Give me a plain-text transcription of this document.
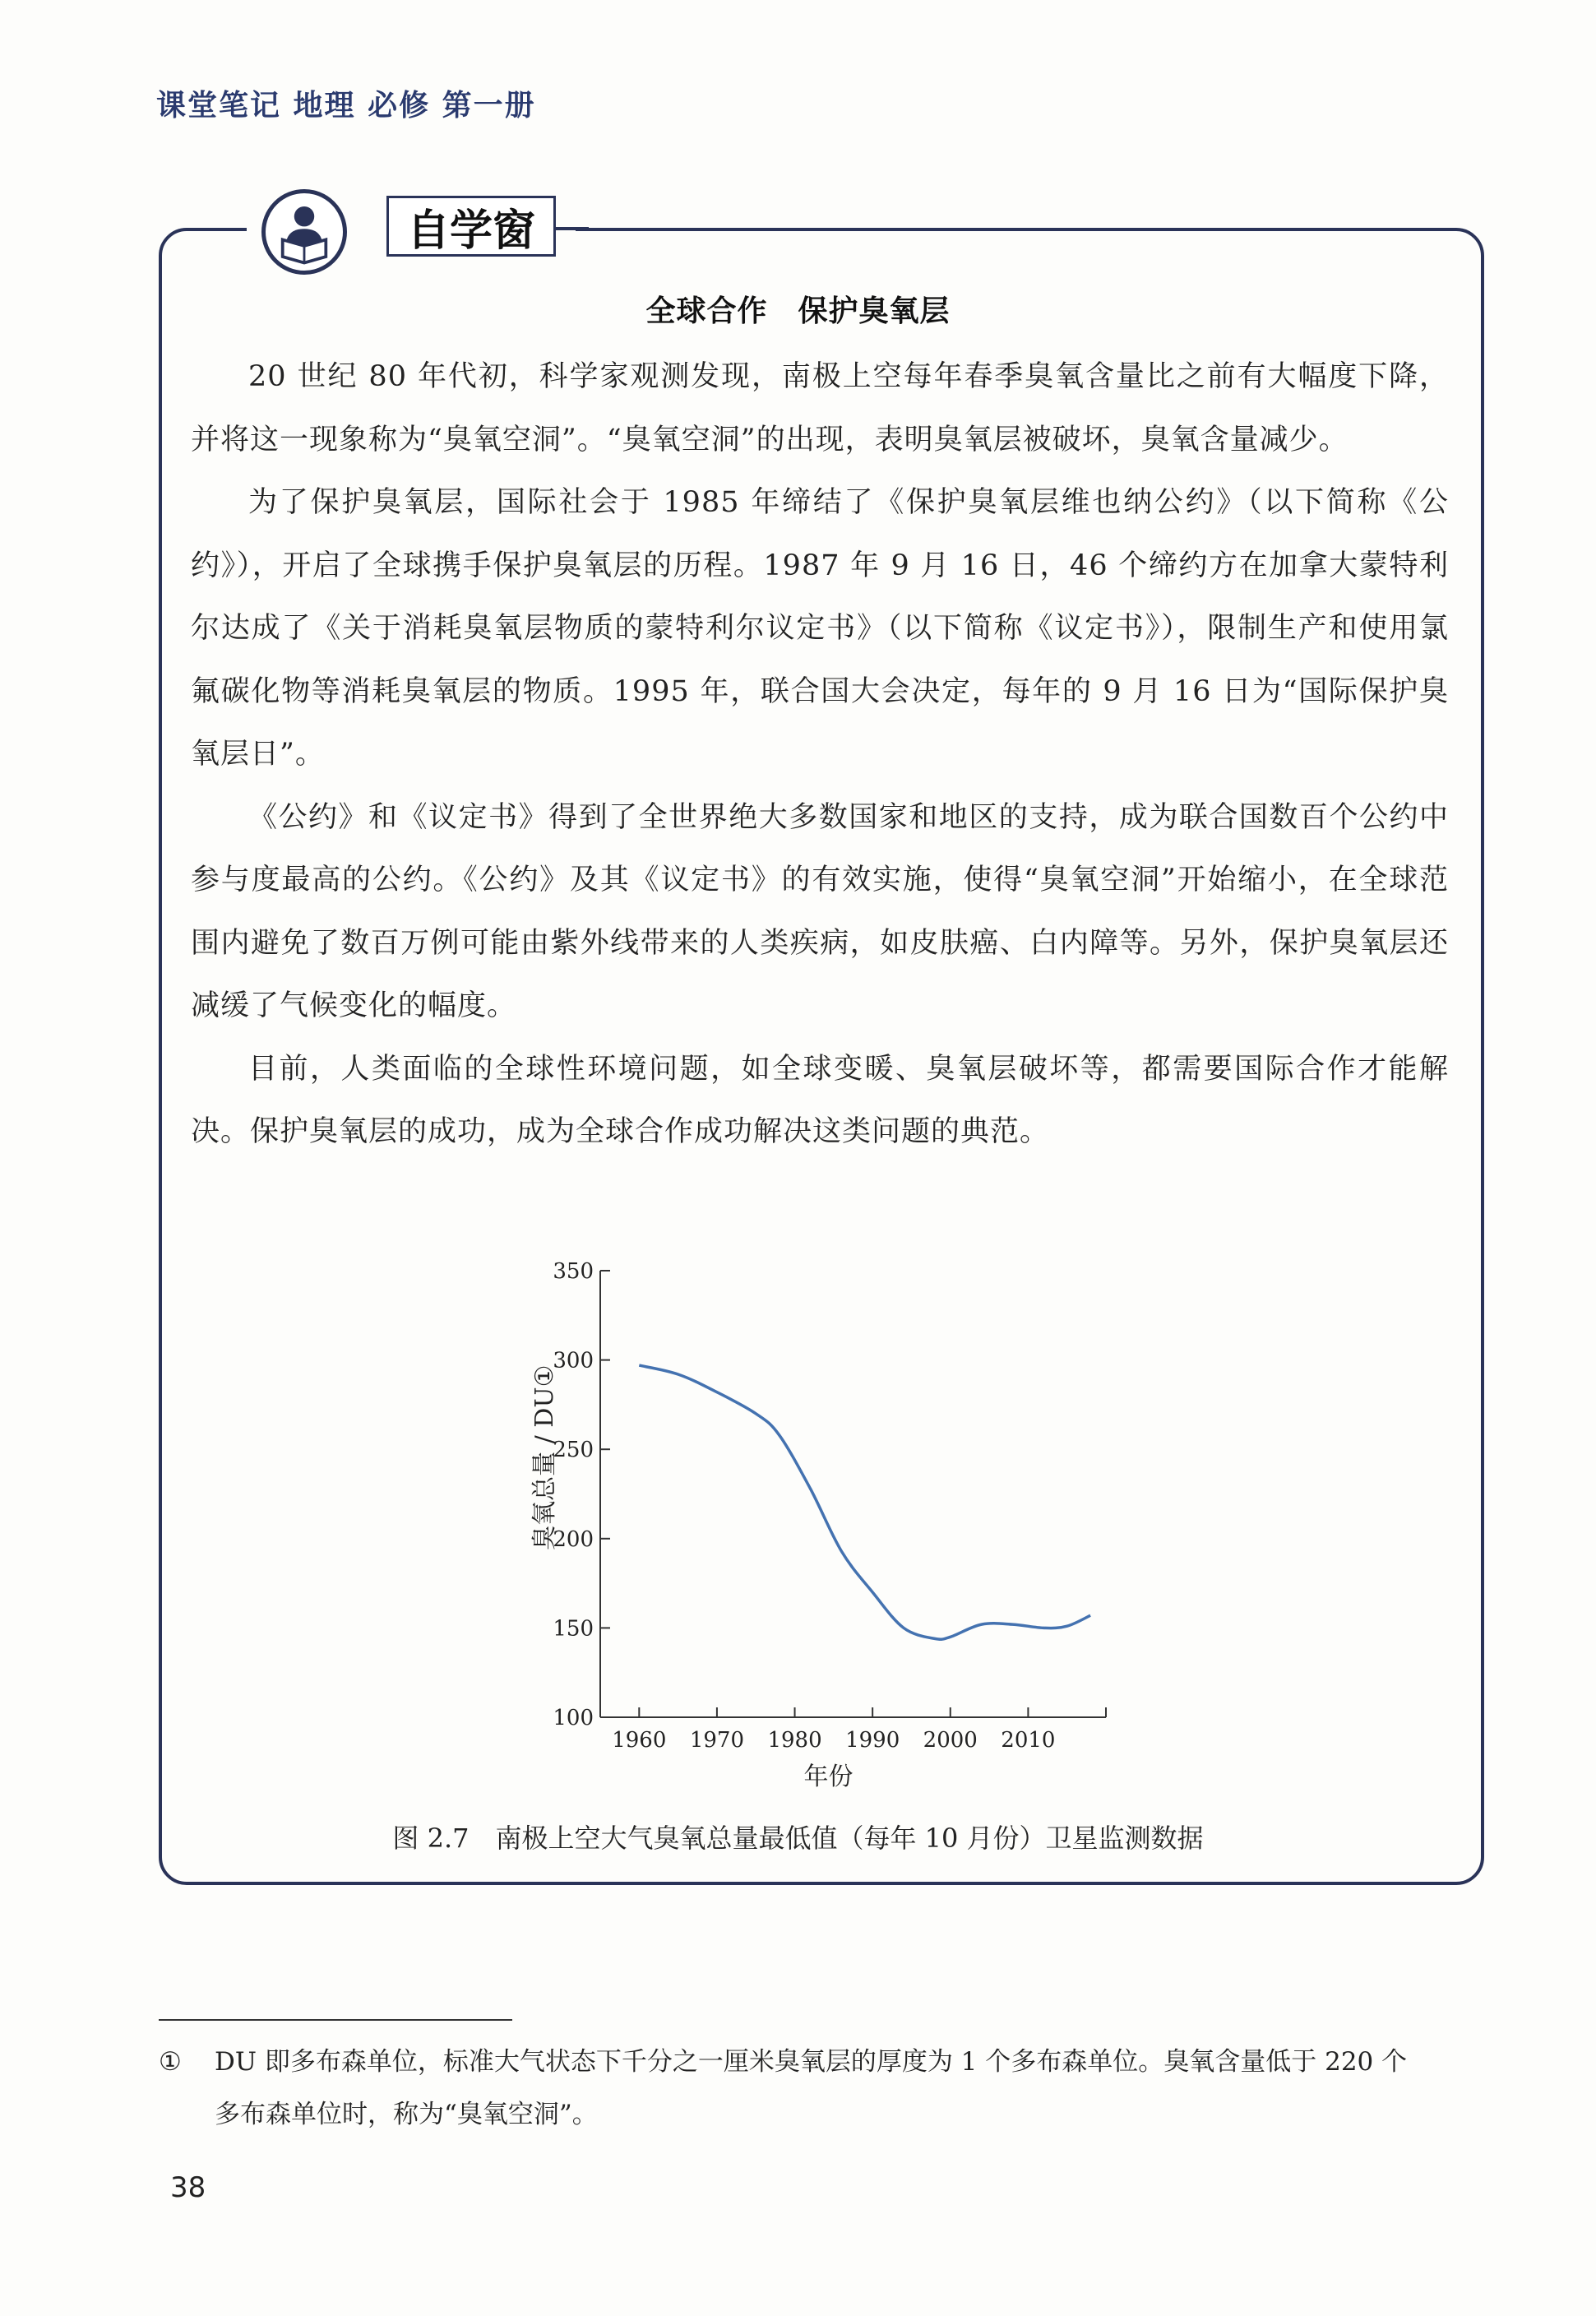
课堂笔记 地理 必修 第一册
自学窗
全球合作　保护臭氧层

20 世纪 80 年代初，科学家观测发现，南极上空每年春季臭氧含量比之前有大幅度下降，并将这一现象称为“臭氧空洞”。“臭氧空洞”的出现，表明臭氧层被破坏，臭氧含量减少。

为了保护臭氧层，国际社会于 1985 年缔结了《保护臭氧层维也纳公约》（以下简称《公约》），开启了全球携手保护臭氧层的历程。1987 年 9 月 16 日，46 个缔约方在加拿大蒙特利尔达成了《关于消耗臭氧层物质的蒙特利尔议定书》（以下简称《议定书》），限制生产和使用氯氟碳化物等消耗臭氧层的物质。1995 年，联合国大会决定，每年的 9 月 16 日为“国际保护臭氧层日”。

《公约》和《议定书》得到了全世界绝大多数国家和地区的支持，成为联合国数百个公约中参与度最高的公约。《公约》及其《议定书》的有效实施，使得“臭氧空洞”开始缩小，在全球范围内避免了数百万例可能由紫外线带来的人类疾病，如皮肤癌、白内障等。另外，保护臭氧层还减缓了气候变化的幅度。

目前，人类面临的全球性环境问题，如全球变暖、臭氧层破坏等，都需要国际合作才能解决。保护臭氧层的成功，成为全球合作成功解决这类问题的典范。

100
150
200
250
300
350
1960 1970 1980 1990 2000 2010
年份
臭氧总量 / DU①
图 2.7　南极上空大气臭氧总量最低值（每年 10 月份）卫星监测数据
① DU 即多布森单位，标准大气状态下千分之一厘米臭氧层的厚度为 1 个多布森单位。臭氧含量低于 220 个
多布森单位时，称为“臭氧空洞”。
38
